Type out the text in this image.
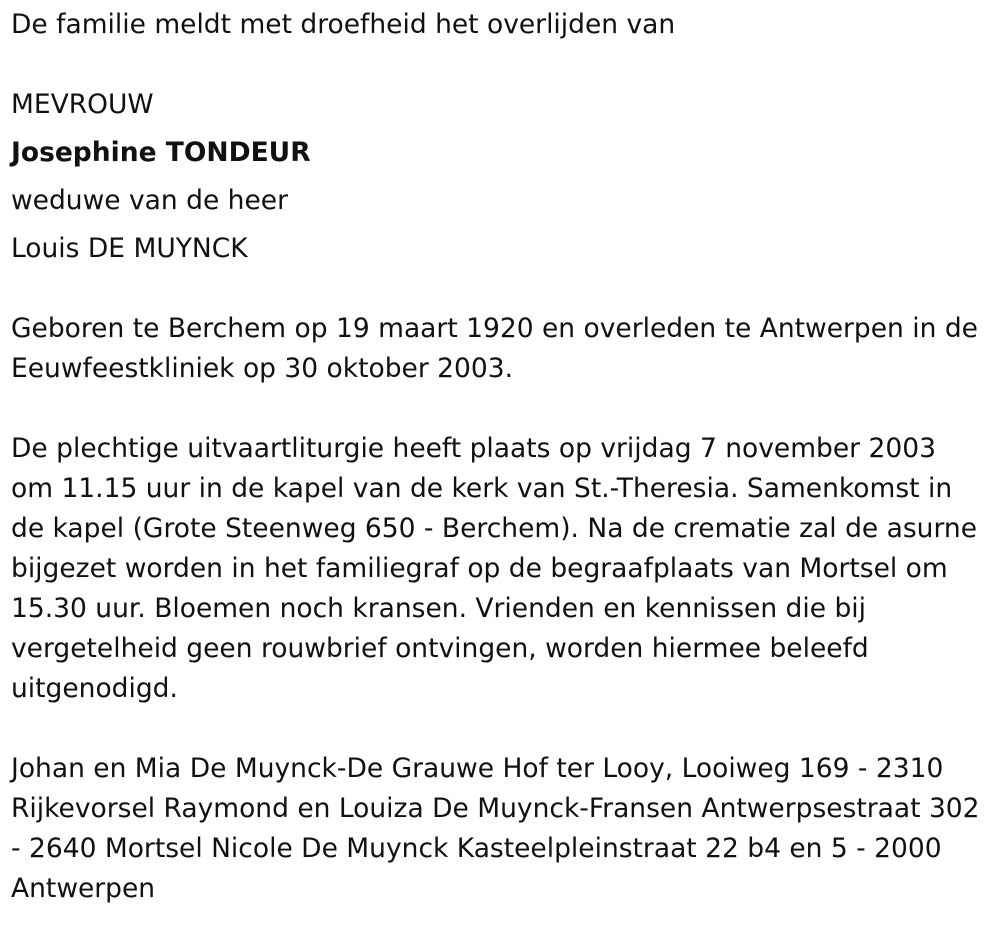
De familie meldt met droefheid het overlijden van
MEVROUW
Josephine TONDEUR
weduwe van de heer
Louis DE MUYNCK

Geboren te Berchem op 19 maart 1920 en overleden te Antwerpen in de Eeuwfeestkliniek op 30 oktober 2003.

De plechtige uitvaartliturgie heeft plaats op vrijdag 7 november 2003 om 11.15 uur in de kapel van de kerk van St.-Theresia. Samenkomst in de kapel (Grote Steenweg 650 - Berchem). Na de crematie zal de asurne bijgezet worden in het familiegraf op de begraafplaats van Mortsel om 15.30 uur. Bloemen noch kransen. Vrienden en kennissen die bij vergetelheid geen rouwbrief ontvingen, worden hiermee beleefd uitgenodigd.

Johan en Mia De Muynck-De Grauwe Hof ter Looy, Looiweg 169 - 2310 Rijkevorsel Raymond en Louiza De Muynck-Fransen Antwerpsestraat 302 - 2640 Mortsel Nicole De Muynck Kasteelpleinstraat 22 b4 en 5 - 2000 Antwerpen
